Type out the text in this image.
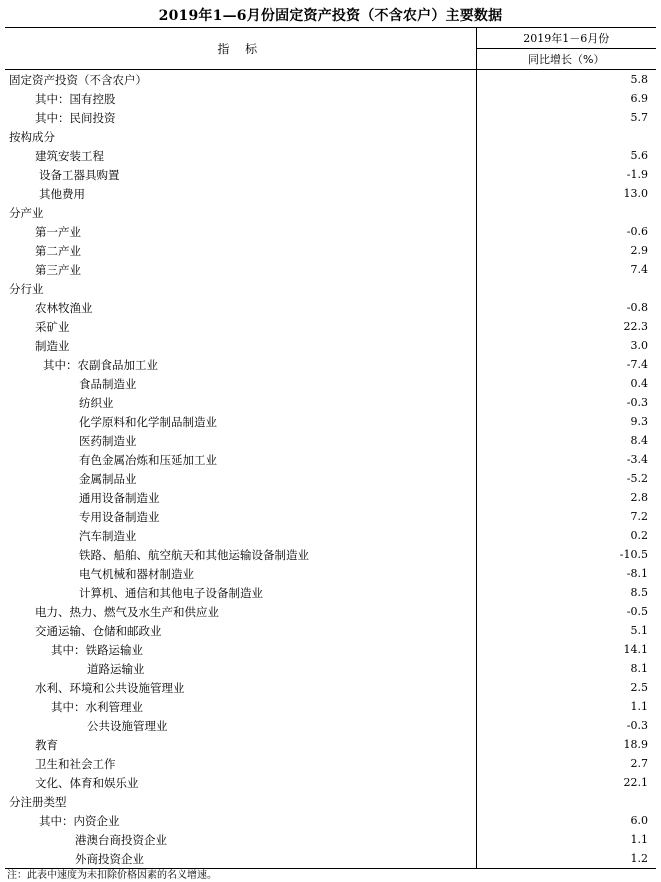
2019年1—6月份固定资产投资（不含农户）主要数据
指 标	2019年1－6月份
	同比增长（%）
固定资产投资（不含农户）	5.8
其中：国有控股	6.9
其中：民间投资	5.7
按构成分	
建筑安装工程	5.6
设备工器具购置	-1.9
其他费用	13.0
分产业	
第一产业	-0.6
第二产业	2.9
第三产业	7.4
分行业	
农林牧渔业	-0.8
采矿业	22.3
制造业	3.0
其中：农副食品加工业	-7.4
食品制造业	0.4
纺织业	-0.3
化学原料和化学制品制造业	9.3
医药制造业	8.4
有色金属冶炼和压延加工业	-3.4
金属制品业	-5.2
通用设备制造业	2.8
专用设备制造业	7.2
汽车制造业	0.2
铁路、船舶、航空航天和其他运输设备制造业	-10.5
电气机械和器材制造业	-8.1
计算机、通信和其他电子设备制造业	8.5
电力、热力、燃气及水生产和供应业	-0.5
交通运输、仓储和邮政业	5.1
其中：铁路运输业	14.1
道路运输业	8.1
水利、环境和公共设施管理业	2.5
其中：水利管理业	1.1
公共设施管理业	-0.3
教育	18.9
卫生和社会工作	2.7
文化、体育和娱乐业	22.1
分注册类型	
其中：内资企业	6.0
港澳台商投资企业	1.1
外商投资企业	1.2
注：此表中速度为未扣除价格因素的名义增速。
